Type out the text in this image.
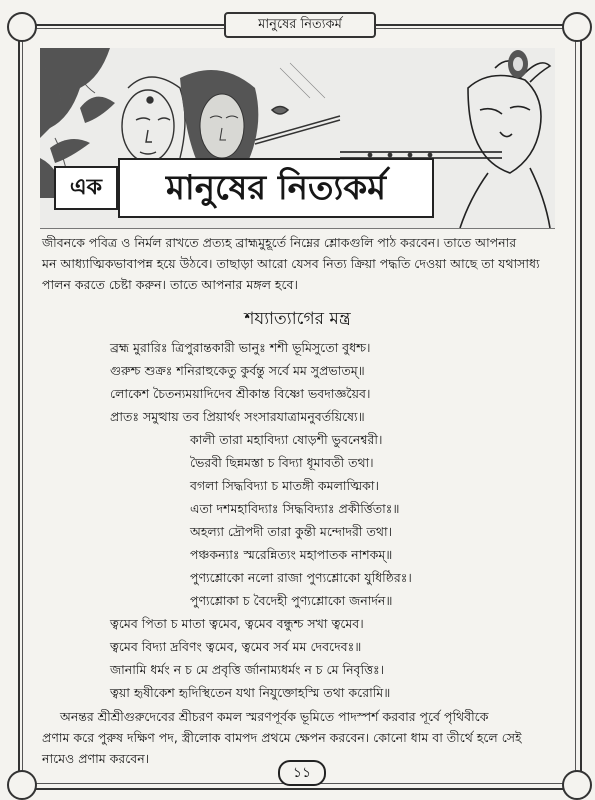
মানুষের নিত্যকর্ম
এক	মানুষের নিত্যকর্ম
জীবনকে পবিত্র ও নির্মল রাখতে প্রত্যহ ব্রাহ্মমুহূর্তে নিম্নের শ্লোকগুলি পাঠ করবেন। তাতে আপনার
মন আধ্যাত্মিকভাবাপন্ন হয়ে উঠবে। তাছাড়া আরো যেসব নিত্য ক্রিয়া পদ্ধতি দেওয়া আছে তা যথাসাধ্য
পালন করতে চেষ্টা করুন। তাতে আপনার মঙ্গল হবে।
শয্যাত্যাগের মন্ত্র
ব্রহ্ম মুরারিঃ ত্রিপুরান্তকারী ভানুঃ শশী ভূমিসুতো বুধশ্চ।
গুরুশ্চ শুক্রঃ শনিরাহুকেতু কুর্বন্তু সর্বে মম সুপ্রভাতম্॥
লোকেশ চৈতন্যময়াদিদেব শ্রীকান্ত বিষ্ণো ভবদাজ্ঞয়ৈব।
প্রাতঃ সমুত্থায় তব প্রিয়ার্থং সংসারযাত্রামনুবর্তয়িষ্যে॥
কালী তারা মহাবিদ্যা ষোড়শী ভুবনেশ্বরী।
ভৈরবী ছিন্নমস্তা চ বিদ্যা ধূমাবতী তথা।
বগলা সিদ্ধবিদ্যা চ মাতঙ্গী কমলাত্মিকা।
এতা দশমহাবিদ্যাঃ সিদ্ধবিদ্যাঃ প্রকীর্ত্তিতাঃ॥
অহল্যা দ্রৌপদী তারা কুন্তী মন্দোদরী তথা।
পঞ্চকন্যাঃ স্মরেন্নিত্যং মহাপাতক নাশকম্॥
পুণ্যশ্লোকো নলো রাজা পুণ্যশ্লোকো যুধিষ্ঠিরঃ।
পুণ্যশ্লোকা চ বৈদেহী পুণ্যশ্লোকো জনার্দন॥
ত্বমেব পিতা চ মাতা ত্বমেব, ত্বমেব বন্ধুশ্চ সখা ত্বমেব।
ত্বমেব বিদ্যা দ্রবিণং ত্বমেব, ত্বমেব সর্ব মম দেবদেবঃ॥
জানামি ধর্মং ন চ মে প্রবৃত্তি র্জানাম্যধর্মং ন চ মে নিবৃত্তিঃ।
ত্বয়া হৃষীকেশ হৃদিস্থিতেন যথা নিযুক্তোহস্মি তথা করোমি॥
অনন্তর শ্রীশ্রীগুরুদেবের শ্রীচরণ কমল স্মরণপূর্বক ভূমিতে পাদস্পর্শ করবার পূর্বে পৃথিবীকে
প্রণাম করে পুরুষ দক্ষিণ পদ, স্ত্রীলোক বামপদ প্রথমে ক্ষেপন করবেন। কোনো ধাম বা তীর্থে হলে সেই
নামেও প্রণাম করবেন।
১১
